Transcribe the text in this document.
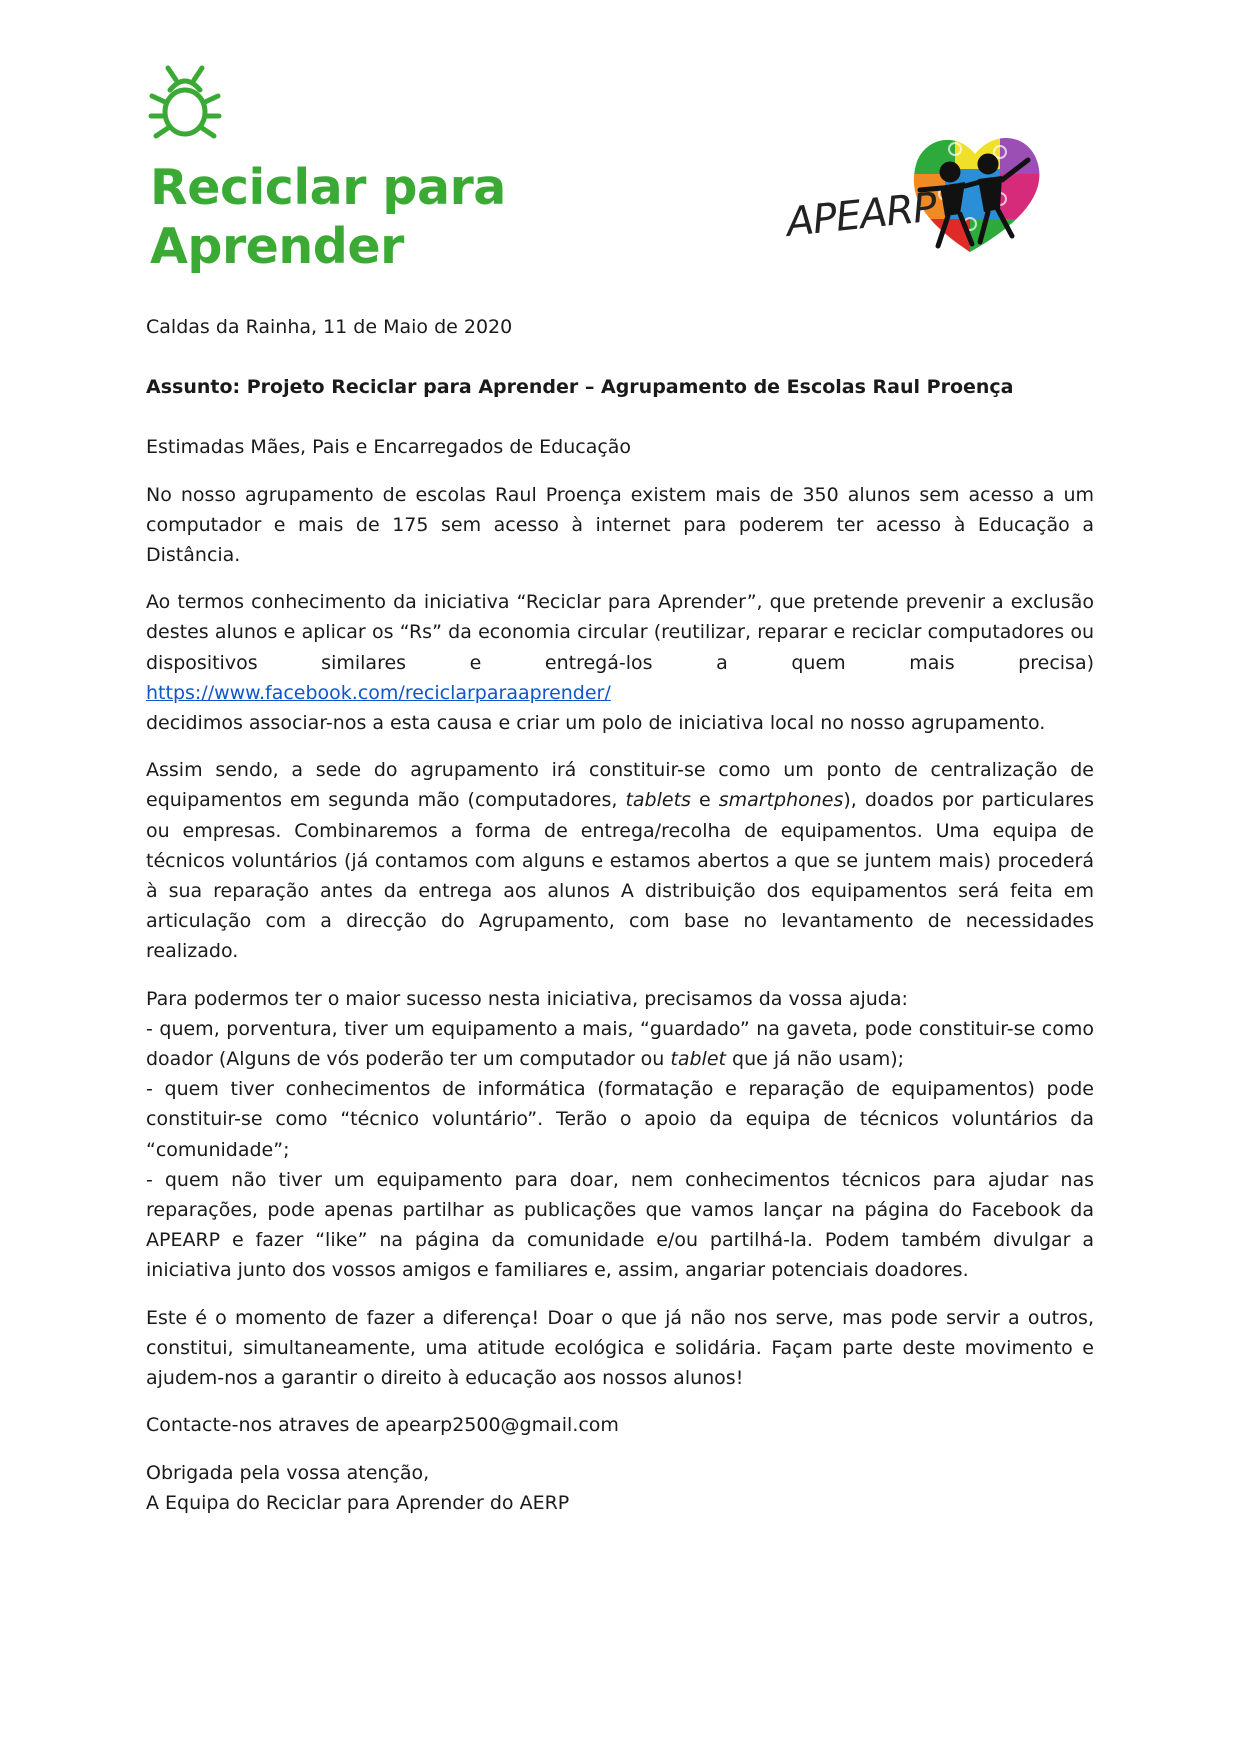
Reciclar para
Aprender
APEARP

Caldas da Rainha, 11 de Maio de 2020

Assunto: Projeto Reciclar para Aprender – Agrupamento de Escolas Raul Proença

Estimadas Mães, Pais e Encarregados de Educação

No nosso agrupamento de escolas Raul Proença existem mais de 350 alunos sem acesso a um computador e mais de 175 sem acesso à internet para poderem ter acesso à Educação a Distância.

Ao termos conhecimento da iniciativa “Reciclar para Aprender”, que pretende prevenir a exclusão destes alunos e aplicar os “Rs” da economia circular (reutilizar, reparar e reciclar computadores ou dispositivos similares e entregá-los a quem mais precisa) https://www.facebook.com/reciclarparaaprender/
decidimos associar-nos a esta causa e criar um polo de iniciativa local no nosso agrupamento.

Assim sendo, a sede do agrupamento irá constituir-se como um ponto de centralização de equipamentos em segunda mão (computadores, tablets e smartphones), doados por particulares ou empresas. Combinaremos a forma de entrega/recolha de equipamentos. Uma equipa de técnicos voluntários (já contamos com alguns e estamos abertos a que se juntem mais) procederá à sua reparação antes da entrega aos alunos A distribuição dos equipamentos será feita em articulação com a direcção do Agrupamento, com base no levantamento de necessidades realizado.

Para podermos ter o maior sucesso nesta iniciativa, precisamos da vossa ajuda:

- quem, porventura, tiver um equipamento a mais, “guardado” na gaveta, pode constituir-se como doador (Alguns de vós poderão ter um computador ou tablet que já não usam);

- quem tiver conhecimentos de informática (formatação e reparação de equipamentos) pode constituir-se como “técnico voluntário”. Terão o apoio da equipa de técnicos voluntários da “comunidade”;

- quem não tiver um equipamento para doar, nem conhecimentos técnicos para ajudar nas reparações, pode apenas partilhar as publicações que vamos lançar na página do Facebook da APEARP e fazer “like” na página da comunidade e/ou partilhá-la. Podem também divulgar a iniciativa junto dos vossos amigos e familiares e, assim, angariar potenciais doadores.

Este é o momento de fazer a diferença! Doar o que já não nos serve, mas pode servir a outros, constitui, simultaneamente, uma atitude ecológica e solidária. Façam parte deste movimento e ajudem-nos a garantir o direito à educação aos nossos alunos!

Contacte-nos atraves de apearp2500@gmail.com

Obrigada pela vossa atenção,

A Equipa do Reciclar para Aprender do AERP
